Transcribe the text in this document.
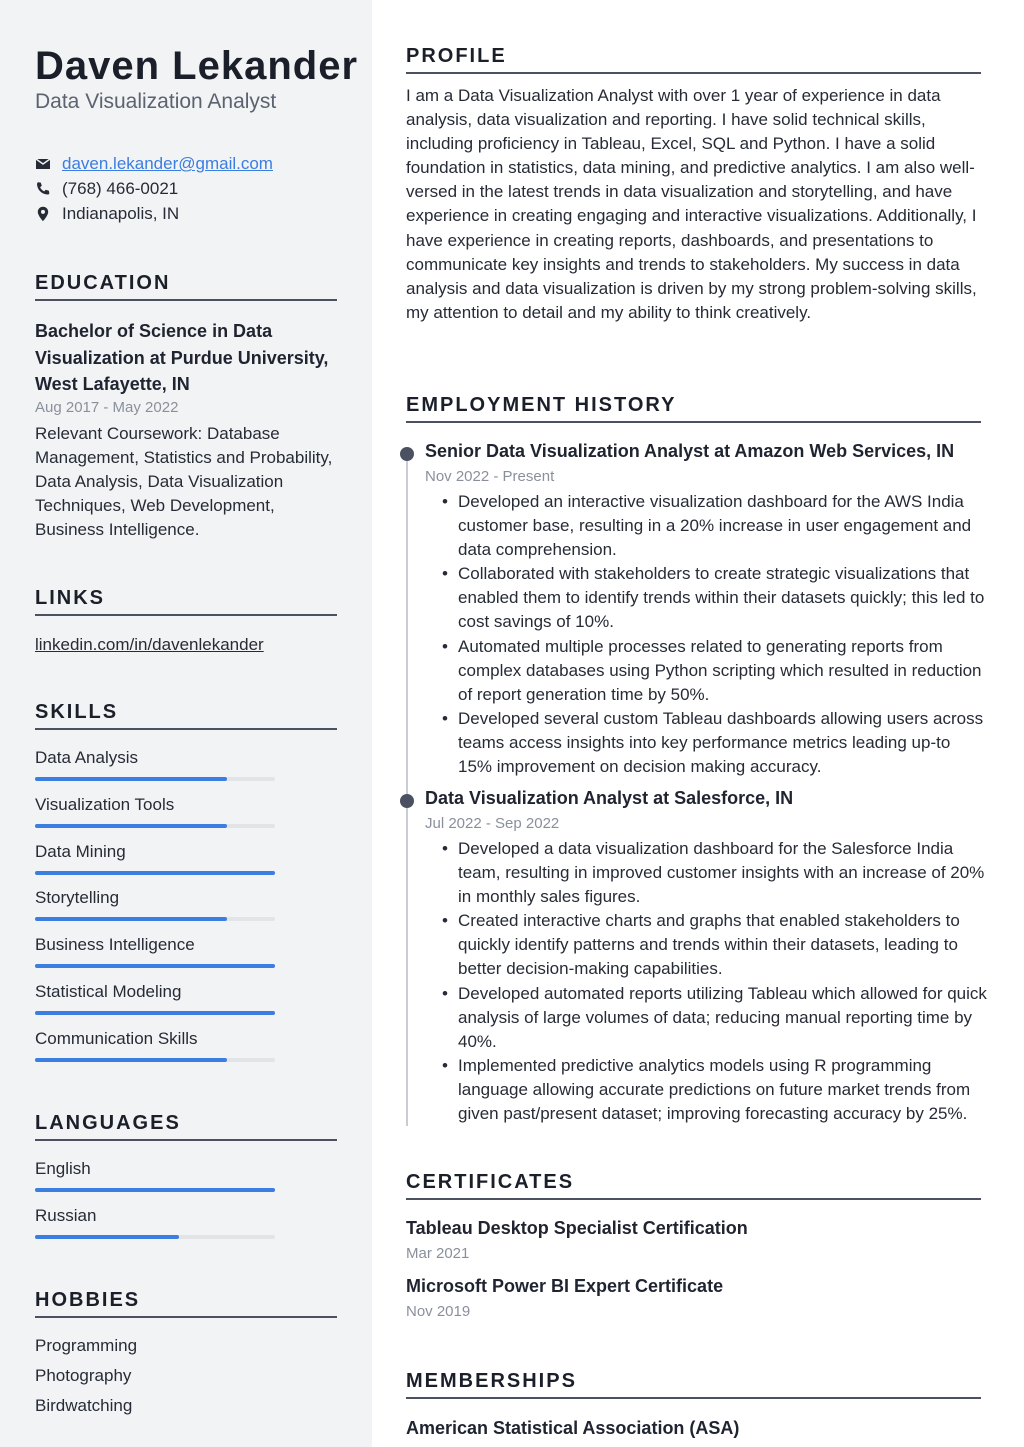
Daven Lekander
Data Visualization Analyst
daven.lekander@gmail.com
(768) 466-0021
Indianapolis, IN
EDUCATION
Bachelor of Science in Data Visualization at Purdue University, West Lafayette, IN
Aug 2017 - May 2022
Relevant Coursework: Database Management, Statistics and Probability, Data Analysis, Data Visualization Techniques, Web Development, Business Intelligence.
LINKS
linkedin.com/in/davenlekander
SKILLS
Data Analysis
Visualization Tools
Data Mining
Storytelling
Business Intelligence
Statistical Modeling
Communication Skills
LANGUAGES
English
Russian
HOBBIES
Programming
Photography
Birdwatching
PROFILE
I am a Data Visualization Analyst with over 1 year of experience in data analysis, data visualization and reporting. I have solid technical skills, including proficiency in Tableau, Excel, SQL and Python. I have a solid foundation in statistics, data mining, and predictive analytics. I am also well-versed in the latest trends in data visualization and storytelling, and have experience in creating engaging and interactive visualizations. Additionally, I have experience in creating reports, dashboards, and presentations to communicate key insights and trends to stakeholders. My success in data analysis and data visualization is driven by my strong problem-solving skills, my attention to detail and my ability to think creatively.
EMPLOYMENT HISTORY
Senior Data Visualization Analyst at Amazon Web Services, IN
Nov 2022 - Present
• Developed an interactive visualization dashboard for the AWS India customer base, resulting in a 20% increase in user engagement and data comprehension.
• Collaborated with stakeholders to create strategic visualizations that enabled them to identify trends within their datasets quickly; this led to cost savings of 10%.
• Automated multiple processes related to generating reports from complex databases using Python scripting which resulted in reduction of report generation time by 50%.
• Developed several custom Tableau dashboards allowing users across teams access insights into key performance metrics leading up-to 15% improvement on decision making accuracy.
Data Visualization Analyst at Salesforce, IN
Jul 2022 - Sep 2022
• Developed a data visualization dashboard for the Salesforce India team, resulting in improved customer insights with an increase of 20% in monthly sales figures.
• Created interactive charts and graphs that enabled stakeholders to quickly identify patterns and trends within their datasets, leading to better decision-making capabilities.
• Developed automated reports utilizing Tableau which allowed for quick analysis of large volumes of data; reducing manual reporting time by 40%.
• Implemented predictive analytics models using R programming language allowing accurate predictions on future market trends from given past/present dataset; improving forecasting accuracy by 25%.
CERTIFICATES
Tableau Desktop Specialist Certification
Mar 2021
Microsoft Power BI Expert Certificate
Nov 2019
MEMBERSHIPS
American Statistical Association (ASA)
